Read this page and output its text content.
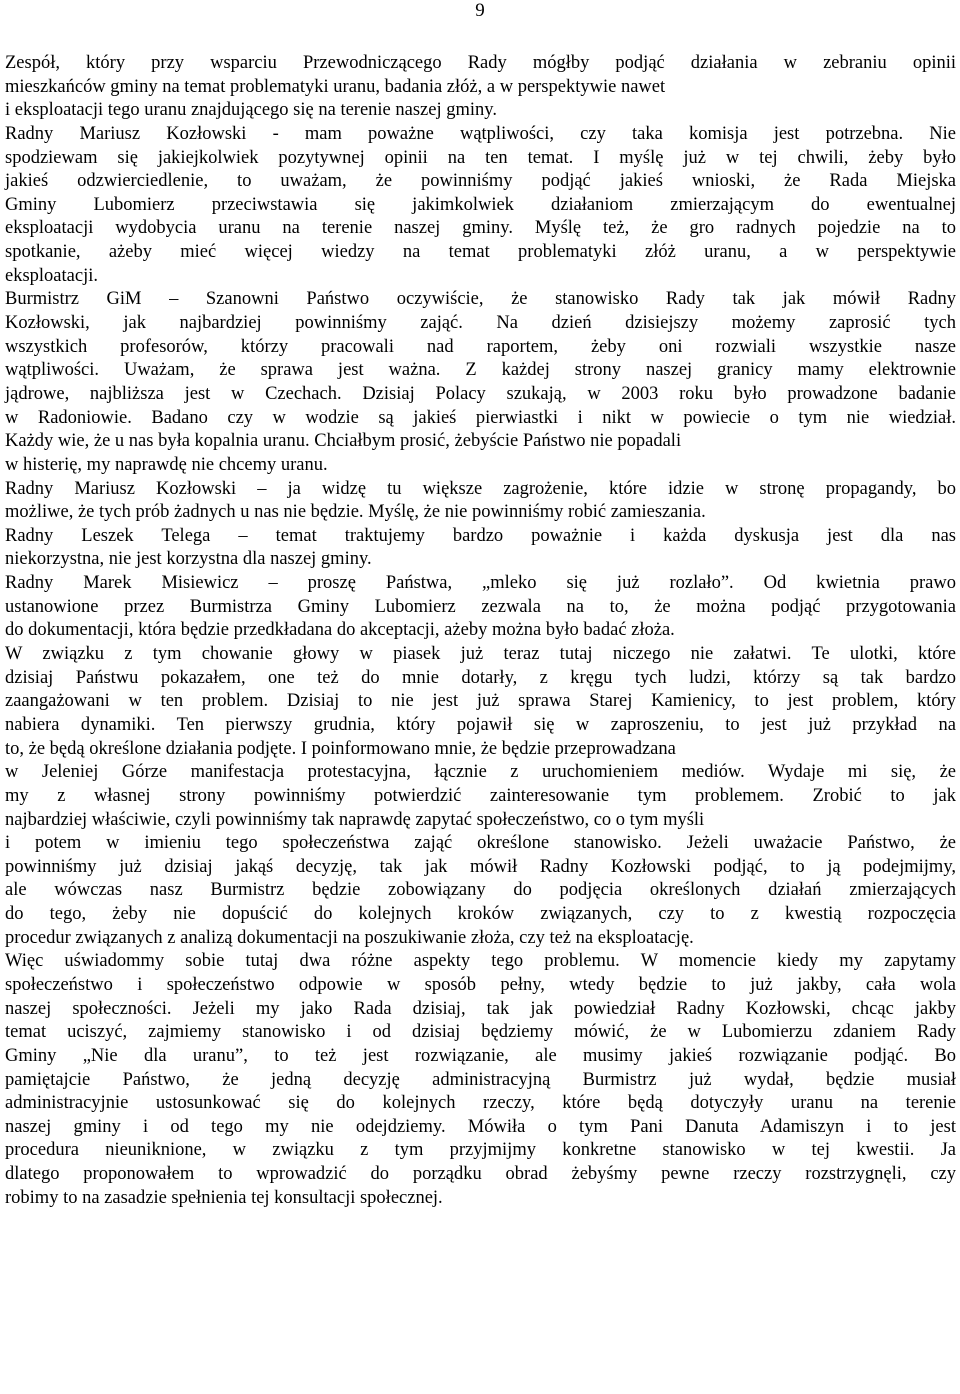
9
Zespół, który przy wsparciu Przewodniczącego Rady mógłby podjąć działania w zebraniu opinii
mieszkańców gminy na temat problematyki uranu, badania złóż, a w perspektywie nawet
i eksploatacji tego uranu znajdującego się na terenie naszej gminy.
Radny Mariusz Kozłowski - mam poważne wątpliwości, czy taka komisja jest potrzebna. Nie
spodziewam się jakiejkolwiek pozytywnej opinii na ten temat. I myślę już w tej chwili, żeby było
jakieś odzwierciedlenie, to uważam, że powinniśmy podjąć jakieś wnioski, że Rada Miejska
Gminy Lubomierz przeciwstawia się jakimkolwiek działaniom zmierzającym do ewentualnej
eksploatacji wydobycia uranu na terenie naszej gminy. Myślę też, że gro radnych pojedzie na to
spotkanie, ażeby mieć więcej wiedzy na temat problematyki złóż uranu, a w perspektywie
eksploatacji.
Burmistrz GiM – Szanowni Państwo oczywiście, że stanowisko Rady tak jak mówił Radny
Kozłowski, jak najbardziej powinniśmy zająć. Na dzień dzisiejszy możemy zaprosić tych
wszystkich profesorów, którzy pracowali nad raportem, żeby oni rozwiali wszystkie nasze
wątpliwości. Uważam, że sprawa jest ważna. Z każdej strony naszej granicy mamy elektrownie
jądrowe, najbliższa jest w Czechach. Dzisiaj Polacy szukają, w 2003 roku było prowadzone badanie
w Radoniowie. Badano czy w wodzie są jakieś pierwiastki i nikt w powiecie o tym nie wiedział.
Każdy wie, że u nas była kopalnia uranu. Chciałbym prosić, żebyście Państwo nie popadali
w histerię, my naprawdę nie chcemy uranu.
Radny Mariusz Kozłowski – ja widzę tu większe zagrożenie, które idzie w stronę propagandy, bo
możliwe, że tych prób żadnych u nas nie będzie. Myślę, że nie powinniśmy robić zamieszania.
Radny Leszek Telega – temat traktujemy bardzo poważnie i każda dyskusja jest dla nas
niekorzystna, nie jest korzystna dla naszej gminy.
Radny Marek Misiewicz – proszę Państwa, „mleko się już rozlało”. Od kwietnia prawo
ustanowione przez Burmistrza Gminy Lubomierz zezwala na to, że można podjąć przygotowania
do dokumentacji, która będzie przedkładana do akceptacji, ażeby można było badać złoża.
W związku z tym chowanie głowy w piasek już teraz tutaj niczego nie załatwi. Te ulotki, które
dzisiaj Państwu pokazałem, one też do mnie dotarły, z kręgu tych ludzi, którzy są tak bardzo
zaangażowani w ten problem. Dzisiaj to nie jest już sprawa Starej Kamienicy, to jest problem, który
nabiera dynamiki. Ten pierwszy grudnia, który pojawił się w zaproszeniu, to jest już przykład na
to, że będą określone działania podjęte. I poinformowano mnie, że będzie przeprowadzana
w Jeleniej Górze manifestacja protestacyjna, łącznie z uruchomieniem mediów. Wydaje mi się, że
my z własnej strony powinniśmy potwierdzić zainteresowanie tym problemem. Zrobić to jak
najbardziej właściwie, czyli powinniśmy tak naprawdę zapytać społeczeństwo, co o tym myśli
i potem w imieniu tego społeczeństwa zająć określone stanowisko. Jeżeli uważacie Państwo, że
powinniśmy już dzisiaj jakąś decyzję, tak jak mówił Radny Kozłowski podjąć, to ją podejmijmy,
ale wówczas nasz Burmistrz będzie zobowiązany do podjęcia określonych działań zmierzających
do tego, żeby nie dopuścić do kolejnych kroków związanych, czy to z kwestią rozpoczęcia
procedur związanych z analizą dokumentacji na poszukiwanie złoża, czy też na eksploatację.
Więc uświadommy sobie tutaj dwa różne aspekty tego problemu. W momencie kiedy my zapytamy
społeczeństwo i społeczeństwo odpowie w sposób pełny, wtedy będzie to już jakby, cała wola
naszej społeczności. Jeżeli my jako Rada dzisiaj, tak jak powiedział Radny Kozłowski, chcąc jakby
temat uciszyć, zajmiemy stanowisko i od dzisiaj będziemy mówić, że w Lubomierzu zdaniem Rady
Gminy „Nie dla uranu”, to też jest rozwiązanie, ale musimy jakieś rozwiązanie podjąć. Bo
pamiętajcie Państwo, że jedną decyzję administracyjną Burmistrz już wydał, będzie musiał
administracyjnie ustosunkować się do kolejnych rzeczy, które będą dotyczyły uranu na terenie
naszej gminy i od tego my nie odejdziemy. Mówiła o tym Pani Danuta Adamiszyn i to jest
procedura nieuniknione, w związku z tym przyjmijmy konkretne stanowisko w tej kwestii. Ja
dlatego proponowałem to wprowadzić do porządku obrad żebyśmy pewne rzeczy rozstrzygnęli, czy
robimy to na zasadzie spełnienia tej konsultacji społecznej.
